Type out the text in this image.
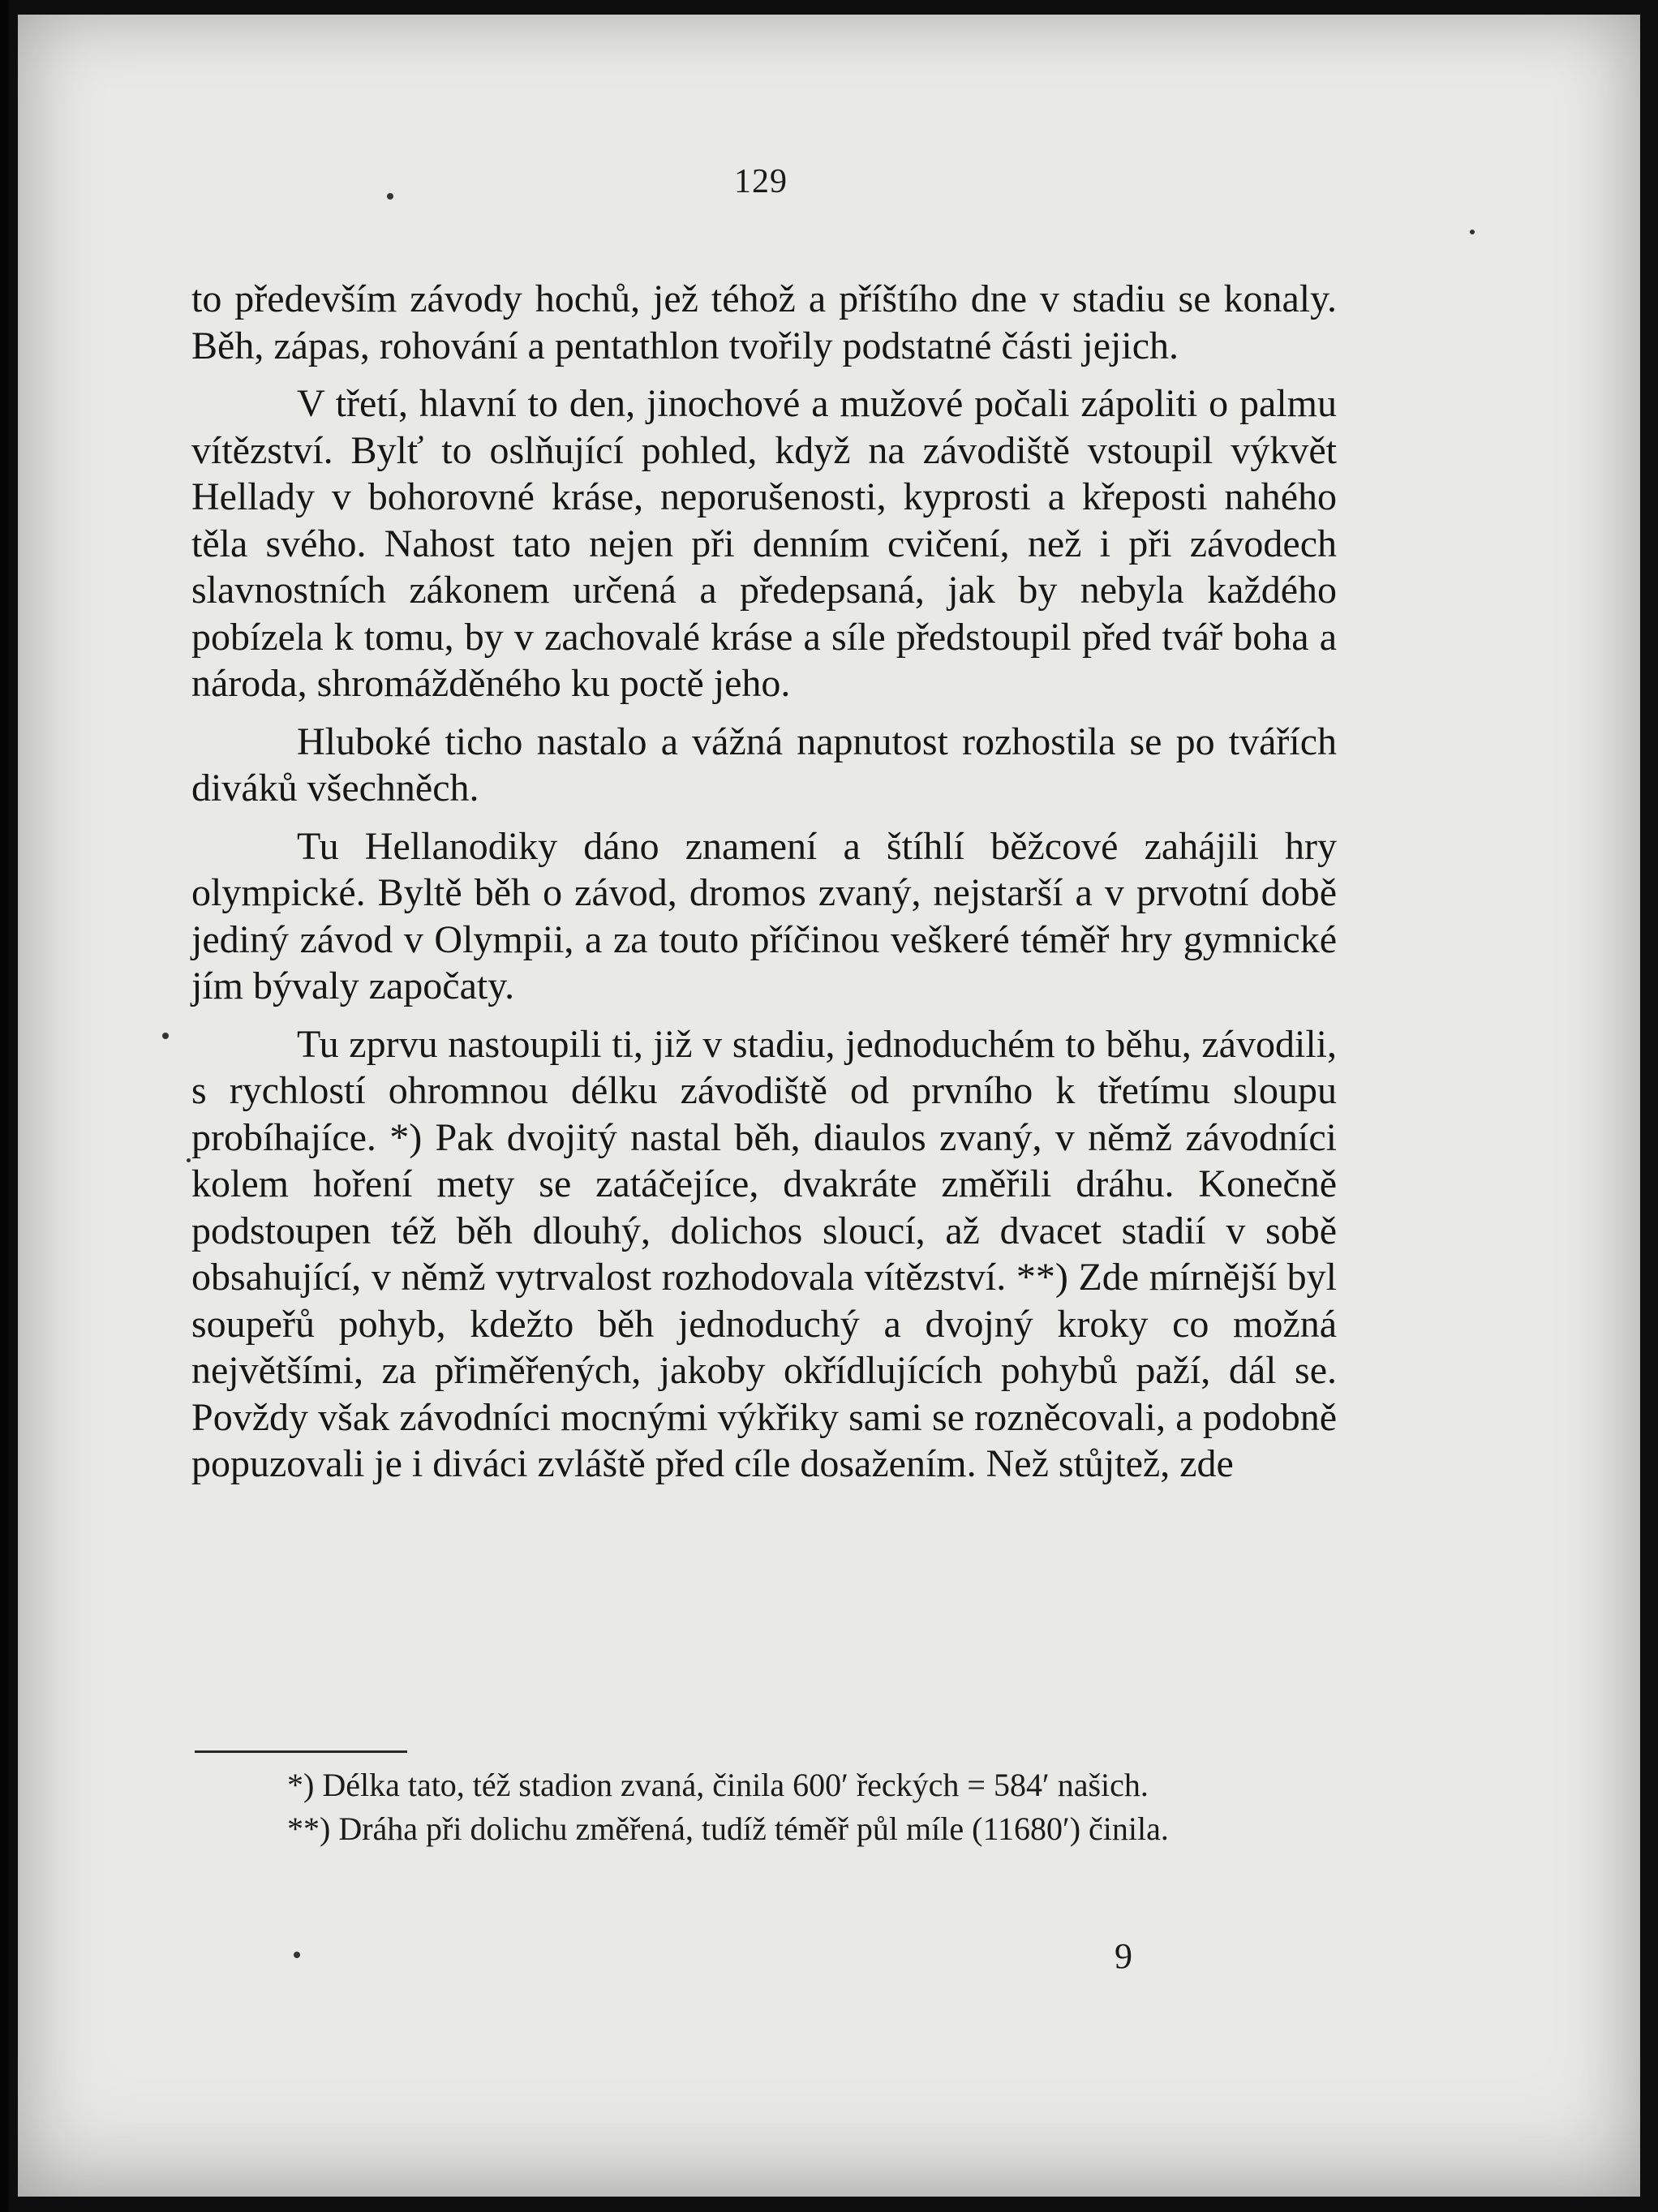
129

to především závody hochů, jež téhož a příštího dne v stadiu se konaly. Běh, zápas, rohování a pentathlon tvořily podstatné části jejich.

V třetí, hlavní to den, jinochové a mužové počali zápoliti o palmu vítězství. Bylť to oslňující pohled, když na závodiště vstoupil výkvět Hellady v bohorovné kráse, neporušenosti, kyprosti a křeposti nahého těla svého. Nahost tato nejen při denním cvičení, než i při závodech slavnostních zákonem určená a předepsaná, jak by nebyla každého pobízela k tomu, by v zachovalé kráse a síle předstoupil před tvář boha a národa, shromážděného ku poctě jeho.

Hluboké ticho nastalo a vážná napnutost rozhostila se po tvářích diváků všechněch.

Tu Hellanodiky dáno znamení a štíhlí běžcové zahájili hry olympické. Byltě běh o závod, dromos zvaný, nejstarší a v prvotní době jediný závod v Olympii, a za touto příčinou veškeré téměř hry gymnické jím bývaly započaty.

Tu zprvu nastoupili ti, již v stadiu, jednoduchém to běhu, závodili, s rychlostí ohromnou délku závodiště od prvního k třetímu sloupu probíhajíce. *) Pak dvojitý nastal běh, diaulos zvaný, v němž závodníci kolem hoření mety se zatáčejíce, dvakráte změřili dráhu. Konečně podstoupen též běh dlouhý, dolichos sloucí, až dvacet stadií v sobě obsahující, v němž vytrvalost rozhodovala vítězství. **) Zde mírnější byl soupeřů pohyb, kdežto běh jednoduchý a dvojný kroky co možná největšími, za přiměřených, jakoby okřídlujících pohybů paží, dál se. Povždy však závodníci mocnými výkřiky sami se rozněcovali, a podobně popuzovali je i diváci zvláště před cíle dosažením. Než stůjtež, zde

*) Délka tato, též stadion zvaná, činila 600′ řeckých = 584′ našich.

**) Dráha při dolichu změřená, tudíž téměř půl míle (11680′) činila.

9
